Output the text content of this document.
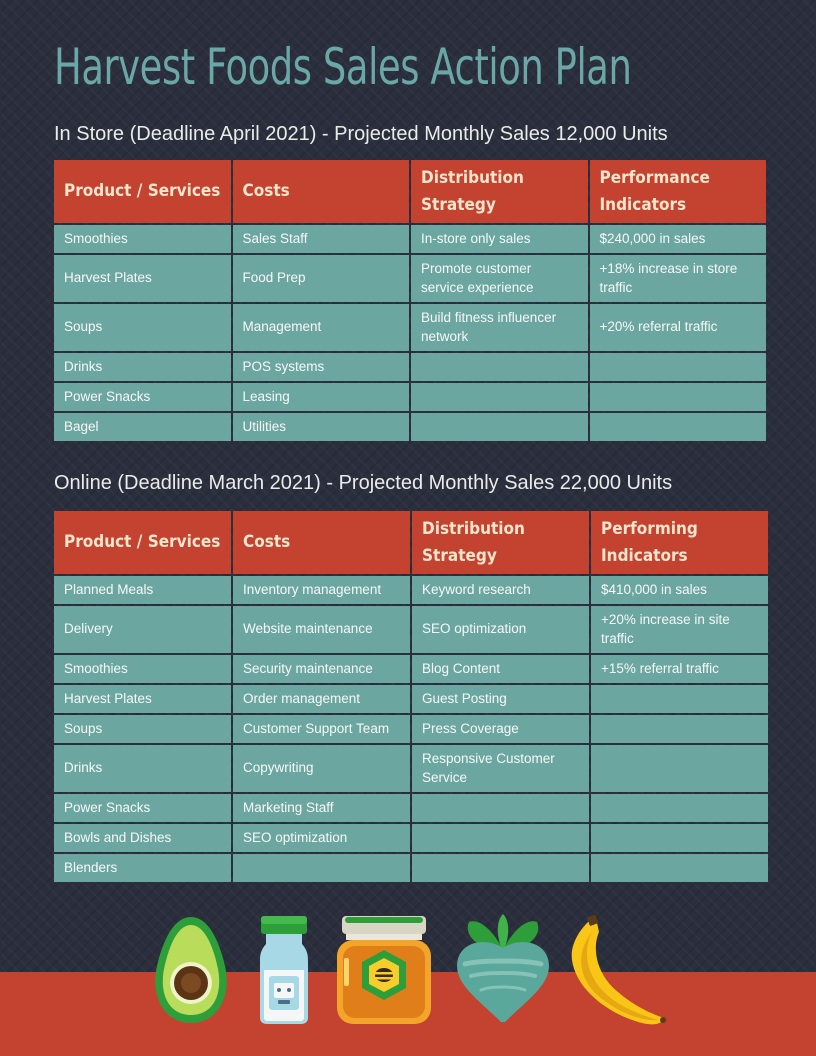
Harvest Foods Sales Action Plan
In Store (Deadline April 2021) - Projected Monthly Sales 12,000 Units
Product / Services	Costs	Distribution Strategy	Performance Indicators

Smoothies	Sales Staff	In-store only sales	$240,000 in sales
Harvest Plates	Food Prep	Promote customer service experience	+18% increase in store traffic
Soups	Management	Build fitness influencer network	+20% referral traffic
Drinks	POS systems		
Power Snacks	Leasing		
Bagel	Utilities		
Online (Deadline March 2021) - Projected Monthly Sales 22,000 Units
Product / Services	Costs	Distribution Strategy	Performing Indicators

Planned Meals	Inventory management	Keyword research	$410,000 in sales
Delivery	Website maintenance	SEO optimization	+20% increase in site traffic
Smoothies	Security maintenance	Blog Content	+15% referral traffic
Harvest Plates	Order management	Guest Posting	
Soups	Customer Support Team	Press Coverage	
Drinks	Copywriting	Responsive Customer Service	
Power Snacks	Marketing Staff		
Bowls and Dishes	SEO optimization		
Blenders			
